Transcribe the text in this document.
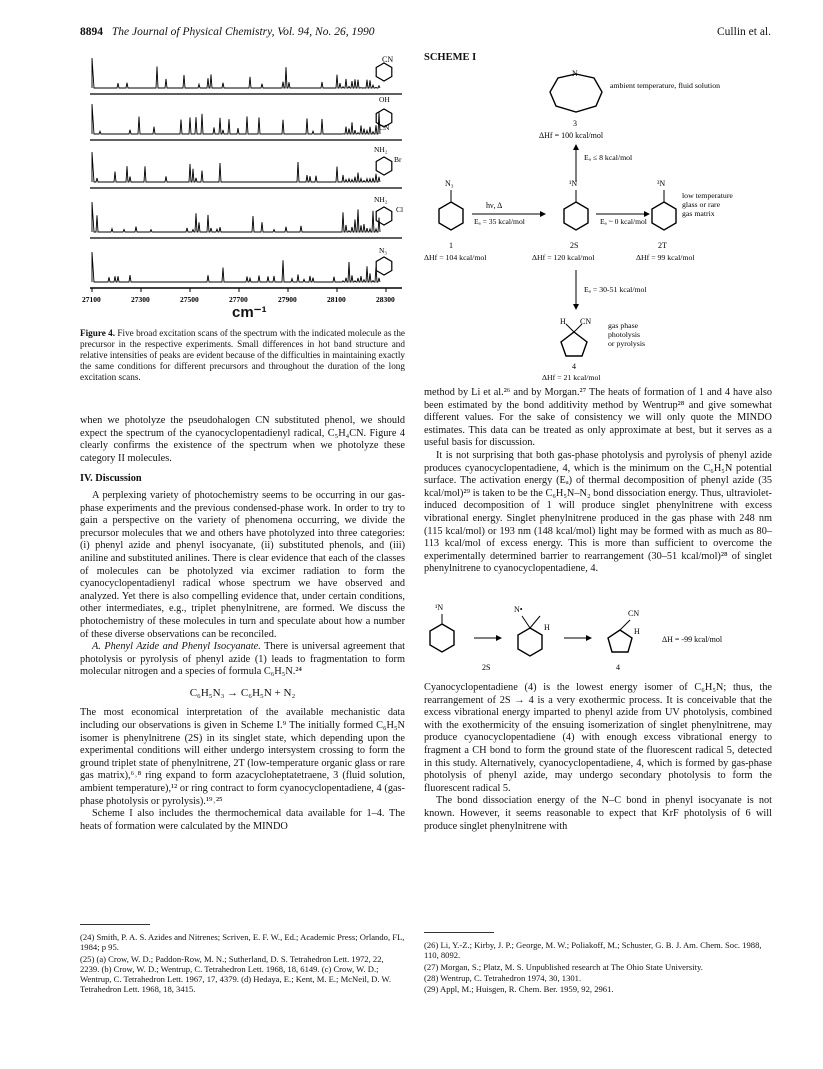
8894 The Journal of Physical Chemistry, Vol. 94, No. 26, 1990	Cullin et al.
27100	27300	27500	27700	27900	28100	28300
CN
OH
CN
NH₂
Br
NH₂
Cl
N₃
cm⁻¹
Figure 4. Five broad excitation scans of the spectrum with the indicated molecule as the precursor in the respective experiments. Small differences in hot band structure and relative intensities of peaks are evident because of the difficulties in maintaining exactly the same conditions for different precursors and throughout the duration of the long excitation scans.

when we photolyze the pseudohalogen CN substituted phenol, we should expect the spectrum of the cyanocyclopentadienyl radical, C₅H₄CN. Figure 4 clearly confirms the existence of the spectrum when we photolyze these category II molecules.

IV. Discussion

A perplexing variety of photochemistry seems to be occurring in our gas-phase experiments and the previous condensed-phase work. In order to try to gain a perspective on the variety of phenomena occurring, we divide the precursor molecules that we and others have photolyzed into three categories: (i) phenyl azide and phenyl isocyanate, (ii) substituted phenols, and (iii) aniline and substituted anilines. There is clear evidence that each of the classes of molecules can be photolyzed via excimer radiation to form the cyanocyclopentadienyl radical whose spectrum we have observed and analyzed. Yet there is also compelling evidence that, under certain conditions, other intermediates, e.g., triplet phenylnitrene, are formed. We discuss the photochemistry of these molecules in turn and speculate about how a number of these diverse observations can be reconciled.

A. Phenyl Azide and Phenyl Isocyanate. There is universal agreement that photolysis or pyrolysis of phenyl azide (1) leads to fragmentation to form molecular nitrogen and a species of formula C₆H₅N.²⁴

C₆H₅N₃ → C₆H₅N + N₂

The most economical interpretation of the available mechanistic data including our observations is given in Scheme I.⁹ The initially formed C₆H₅N isomer is phenylnitrene (2S) in its singlet state, which depending upon the experimental conditions will either undergo intersystem crossing to form the ground triplet state of phenylnitrene, 2T (low-temperature organic glass or rare gas matrix),⁶˒⁸ ring expand to form azacycloheptatetraene, 3 (fluid solution, ambient temperature),¹² or ring contract to form cyanocyclopentadiene, 4 (gas-phase photolysis or pyrolysis).¹⁹˒²⁵

Scheme I also includes the thermochemical data available for 1–4. The heats of formation were calculated by the MINDO

(24) Smith, P. A. S. Azides and Nitrenes; Scriven, E. F. W., Ed.; Academic Press; Orlando, FL, 1984; p 95.
(25) (a) Crow, W. D.; Paddon-Row, M. N.; Sutherland, D. S. Tetrahedron Lett. 1972, 22, 2239. (b) Crow, W. D.; Wentrup, C. Tetrahedron Lett. 1968, 18, 6149. (c) Crow, W. D.; Wentrup, C. Tetrahedron Lett. 1967, 17, 4379. (d) Hedaya, E.; Kent, M. E.; McNeil, D. W. Tetrahedron Lett. 1968, 18, 3415.
SCHEME I
N
ambient temperature, fluid solution
3
ΔHf = 100 kcal/mol
Eₐ ≤ 8 kcal/mol
N₃
hν, Δ
Eₐ = 35 kcal/mol
¹N
Eₐ ~ 0 kcal/mol
³N
low temperature glass or rare gas matrix
1	2S	2T
ΔHf = 104 kcal/mol	ΔHf = 120 kcal/mol	ΔHf = 99 kcal/mol
Eₐ = 30-51 kcal/mol
H CN gas phase photolysis or pyrolysis
4
ΔHf = 21 kcal/mol

method by Li et al.²⁶ and by Morgan.²⁷ The heats of formation of 1 and 4 have also been estimated by the bond additivity method by Wentrup²⁸ and give somewhat different values. For the sake of consistency we will only quote the MINDO estimates. This data can be treated as only approximate at best, but it serves as a useful basis for discussion.

It is not surprising that both gas-phase photolysis and pyrolysis of phenyl azide produces cyanocyclopentadiene, 4, which is the minimum on the C₆H₅N potential surface. The activation energy (Eₐ) of thermal decomposition of phenyl azide (35 kcal/mol)²⁹ is taken to be the C₆H₅N–N₂ bond dissociation energy. Thus, ultraviolet-induced decomposition of 1 will produce singlet phenylnitrene with excess vibrational energy. Singlet phenylnitrene produced in the gas phase with 248 nm (115 kcal/mol) or 193 nm (148 kcal/mol) light may be formed with as much as 80–113 kcal/mol of excess energy. This is more than sufficient to overcome the experimentally determined barrier to rearrangement (30–51 kcal/mol)²⁸ of singlet phenylnitrene to cyanocyclopentadiene, 4.

¹N	N•
H
CN
H
ΔH = -99 kcal/mol
2S	4

Cyanocyclopentadiene (4) is the lowest energy isomer of C₆H₅N; thus, the rearrangement of 2S → 4 is a very exothermic process. It is conceivable that the excess vibrational energy imparted to phenyl azide from UV photolysis, combined with the exothermicity of the ensuing isomerization of singlet phenylnitrene, may produce cyanocyclopentadiene (4) with enough excess vibrational energy to fragment a CH bond to form the ground state of the fluorescent radical 5, detected in this study. Alternatively, cyanocyclopentadiene, 4, which is formed by gas-phase photolysis of phenyl azide, may undergo secondary photolysis to form the fluorescent radical 5.

The bond dissociation energy of the N–C bond in phenyl isocyanate is not known. However, it seems reasonable to expect that KrF photolysis of 6 will produce singlet phenylnitrene with

(26) Li, Y.-Z.; Kirby, J. P.; George, M. W.; Poliakoff, M.; Schuster, G. B. J. Am. Chem. Soc. 1988, 110, 8092.
(27) Morgan, S.; Platz, M. S. Unpublished research at The Ohio State University.
(28) Wentrup, C. Tetrahedron 1974, 30, 1301.
(29) Appl, M.; Huisgen, R. Chem. Ber. 1959, 92, 2961.
